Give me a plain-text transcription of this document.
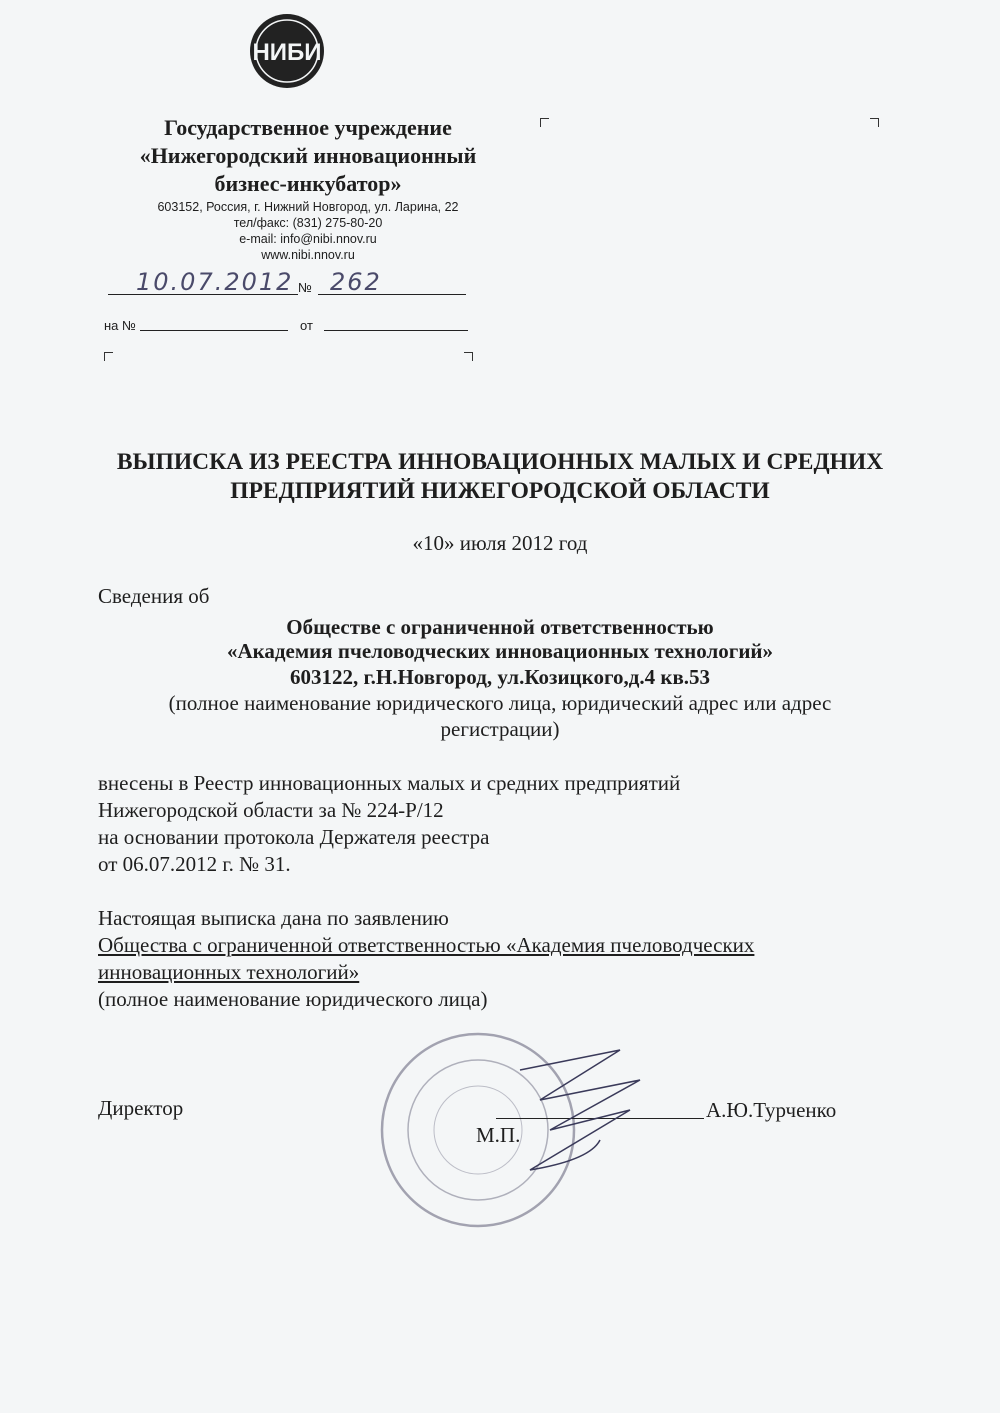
НИБИ
Государственное учреждение
«Нижегородский инновационный
бизнес-инкубатор»
603152, Россия, г. Нижний Новгород, ул. Ларина, 22
тел/факс: (831) 275-80-20
e-mail: info@nibi.nnov.ru
www.nibi.nnov.ru
10.07.2012 № 262
на №	от
ВЫПИСКА ИЗ РЕЕСТРА ИННОВАЦИОННЫХ МАЛЫХ И СРЕДНИХ
ПРЕДПРИЯТИЙ НИЖЕГОРОДСКОЙ ОБЛАСТИ
«10» июля 2012 год
Сведения об
Обществе с ограниченной ответственностью
«Академия пчеловодческих инновационных технологий»
603122, г.Н.Новгород, ул.Козицкого,д.4 кв.53
(полное наименование юридического лица, юридический адрес или адрес
регистрации)
внесены в Реестр инновационных малых и средних предприятий
Нижегородской области за № 224-Р/12
на основании протокола Держателя реестра
от 06.07.2012 г. № 31.
Настоящая выписка дана по заявлению
Общества с ограниченной ответственностью «Академия пчеловодческих
инновационных технологий»
(полное наименование юридического лица)
Директор	А.Ю.Турченко
М.П.
